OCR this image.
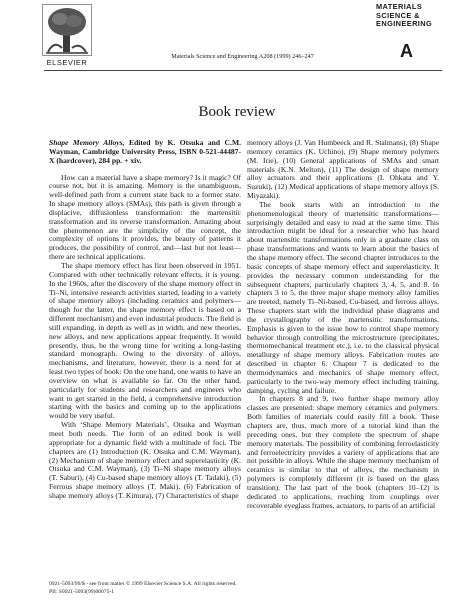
ELSEVIER
Materials Science and Engineering A208 (1999) 246–247
MATERIALS
SCIENCE &
ENGINEERING
A
Book review

Shape Memory Alloys, Edited by K. Otsuka and C.M. Wayman, Cambridge University Press, ISBN 0-521-44487-X (hardcover), 284 pp. + xiv.

How can a material have a shape memory? Is it magic? Of course not, but it is amazing. Memory is the unambiguous, well-defined path from a current state back to a former state. In shape memory alloys (SMAs), this path is given through a displacive, diffusionless transformation: the martensitic transformation and its reverse transformation. Amazing about the phenomenon are the simplicity of the concept, the complexity of options it provides, the beauty of patterns it produces, the possibility of control, and—last but not least—there are technical applications.

The shape memory effect has first been observed in 1951. Compared with other technically relevant effects, it is young. In the 1960s, after the discovery of the shape memory effect in Ti–Ni, intensive research activities started, leading to a variety of shape memory alloys (including ceramics and polymers—though for the latter, the shape memory effect is based on a different mechanism) and even industrial products. The field is still expanding, in depth as well as in width, and new theories, new alloys, and new applications appear frequently. It would presently, thus, be the wrong time for writing a long-lasting standard monograph. Owing to the diversity of alloys, mechanisms, and literature, however, there is a need for at least two types of book: On the one hand, one wants to have an overview on what is available so far. On the other hand, particularly for students and researchers and engineers who want to get started in the field, a comprehensive introduction starting with the basics and coming up to the applications would be very useful.

With ‘Shape Memory Materials’, Otsuka and Wayman meet both needs. The form of an edited book is well appropriate for a dynamic field with a multitude of foci. The chapters are (1) Introduction (K. Otsuka and C.M. Wayman), (2) Mechanism of shape memory effect and superelasticity (K. Otsuka and C.M. Wayman), (3) Ti–Ni shape memory alloys (T. Saburi), (4) Cu-based shape memory alloys (T. Tadaki), (5) Ferrous shape memory alloys (T. Maki), (6) Fabrication of shape memory alloys (T. Kimura), (7) Characteristics of shape

memory alloys (J. Van Humbeeck and R. Stalmans), (8) Shape memory ceramics (K. Uchino), (9) Shape memory polymers (M. Irie), (10) General applications of SMAs and smart materials (K.N. Melton), (11) The design of shape memory alloy actuators and their applications (I. Ohkata and Y. Suzuki), (12) Medical applications of shape memory alloys (S. Miyazaki).

The book starts with an introduction to the phenomenological theory of martensitic transformations—surprisingly detailed and easy to read at the same time. This introduction might be ideal for a researcher who has heard about martensitic transformations only in a graduate class on phase transformations and wants to learn about the basics of the shape memory effect. The second chapter introduces to the basic concepts of shape memory effect and superelasticity. It provides the necessary common understanding for the subsequent chapters, particularly chapters 3, 4, 5, and 8. In chapters 3 to 5, the three major shape memory alloy families are treeted, namely Ti–Ni-based, Cu-based, and ferrous alloys. These chapters start with the individual phase diagrams and the crystallography of the martensitic transformations. Emphasis is given to the issue how to control shape memory behavior through controlling the microstructure (precipitates, thermomechanical treatment etc.), i.e. to the classical physical metallurgy of shape memory alloys. Fabrication routes are described in chapter 6. Chapter 7 is dedicated to the thermodynamics and mechanics of shape memory effect, particularly to the two-way memory effect including training, damping, cycling and failure.

In chapters 8 and 9, two further shape memory alloy classes are presented: shape memory ceramics and polymers. Both families of materials could easily fill a book. These chapters are, thus, much more of a tutorial kind than the preceding ones, but they complete the spectrum of shape memory materials. The possibility of combining ferroelasticity and ferroelectricity provides a variety of applications that are not possible in alloys. While the shape memory mechanism of ceramics is similar to that of alloys, the mechanism in polymers is completely different (it is based on the glass transition). The last part of the book (chapters 10–12) is dedicated to applications, reaching from couplings over recoverable eyeglass frames, actuators, to parts of an artificial

0921-5093/99/$ - see front matter © 1999 Elsevier Science S.A. All rights reserved.
PII: S0921-5093(99)00075-1
